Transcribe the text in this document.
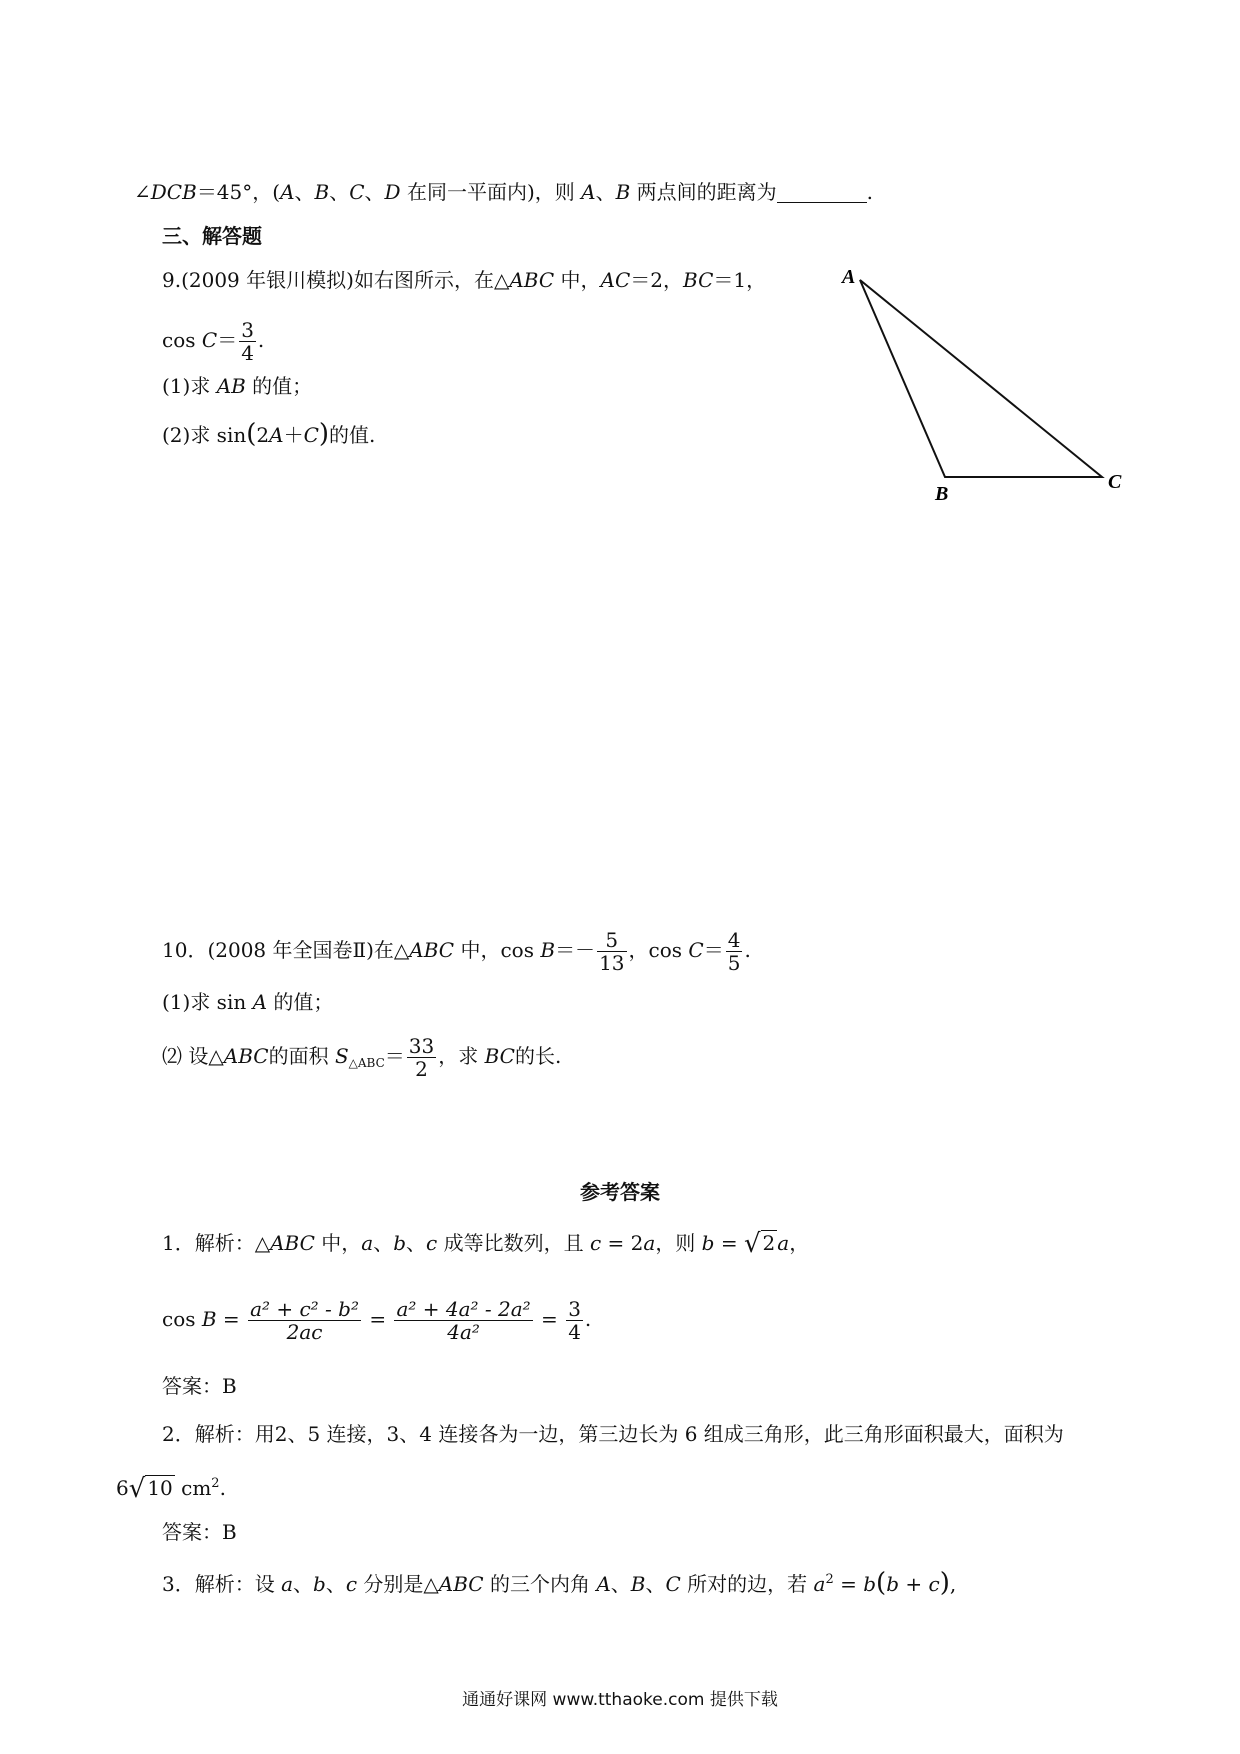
∠DCB＝45°，(A、B、C、D 在同一平面内)，则 A、B 两点间的距离为	.
三、解答题
9.(2009 年银川模拟)如右图所示，在△ABC 中，AC＝2，BC＝1，
$\cos C= \frac{3}{4}$ .
(1)求 AB 的值；
(2)求 sin(2A＋C)的值.
A
B
C
10．(2008 年全国卷Ⅱ)在△ABC 中，$\cos B=- \frac{5}{13}$ ，$\cos C= \frac{4}{5}$ .
(1)求 sin A 的值；
⑵ 设△ABC的面积 $S_{\triangle ABC}= \frac{33}{2}$ ，求 BC的长.
参考答案
1．解析：△ABC 中，a、b、c 成等比数列，且 c = 2a，则 b = √ 2 a，
$\cos B = \frac{\text{a² + c² - b²}}{2ac} = \frac{\text{a² + 4a² - 2a²}}{\text{4a²}} = \frac{3}{4}$ .
答案：B
2．解析：用2、5 连接，3、4 连接各为一边，第三边长为 6 组成三角形，此三角形面积最大，面积为
6√ 10 $cm^2$.
答案：B
3．解析：设 a、b、c 分别是△ABC 的三个内角 A、B、C 所对的边，若 $a^2 = b(b + c)$,
通通好课网 www.tthaoke.com 提供下载
